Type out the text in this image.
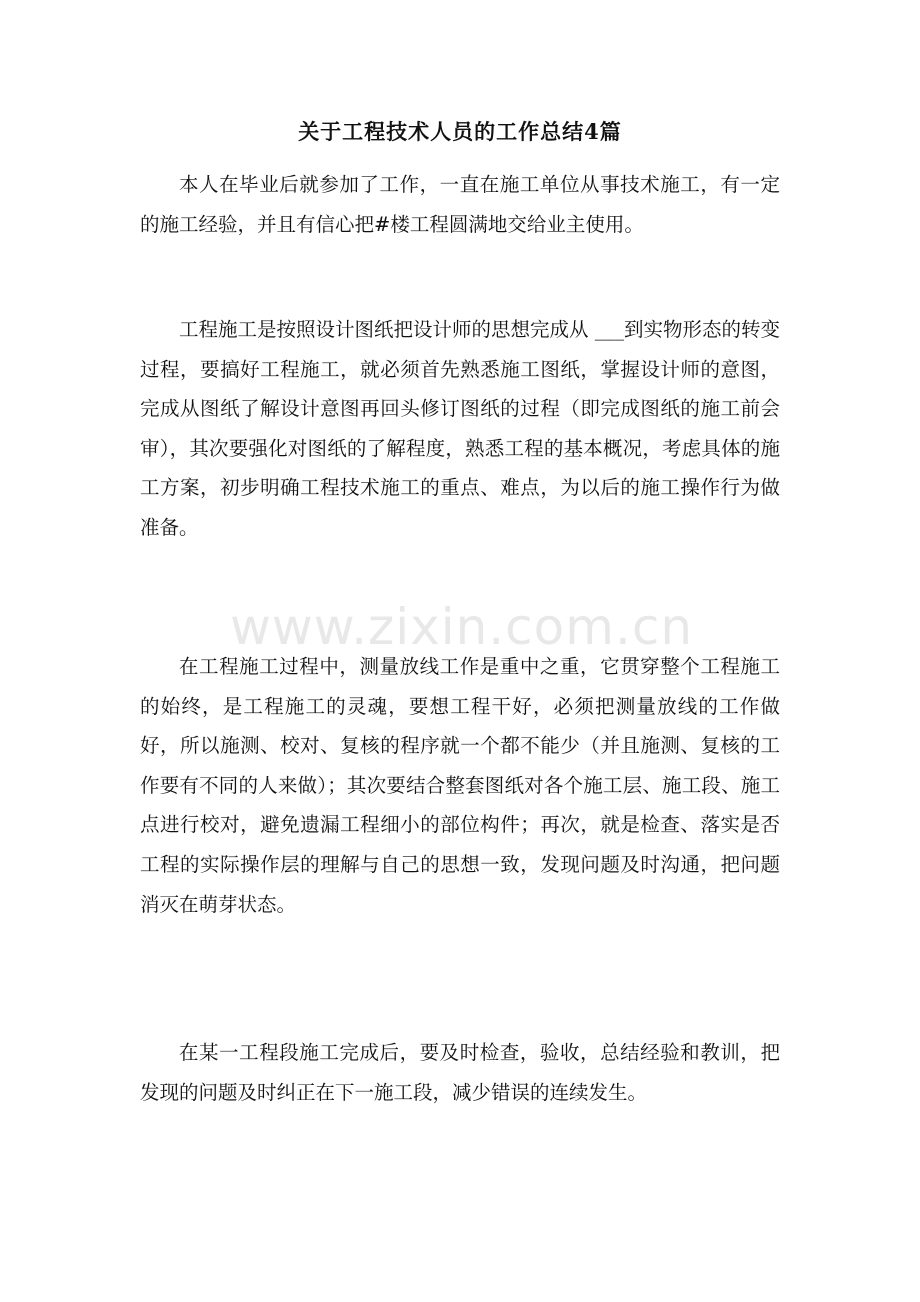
关于工程技术人员的工作总结4篇

本人在毕业后就参加了工作，一直在施工单位从事技术施工，有一定的施工经验，并且有信心把#楼工程圆满地交给业主使用。

工程施工是按照设计图纸把设计师的思想完成从 ___到实物形态的转变过程，要搞好工程施工，就必须首先熟悉施工图纸，掌握设计师的意图，完成从图纸了解设计意图再回头修订图纸的过程（即完成图纸的施工前会审），其次要强化对图纸的了解程度，熟悉工程的基本概况，考虑具体的施工方案，初步明确工程技术施工的重点、难点，为以后的施工操作行为做准备。

在工程施工过程中，测量放线工作是重中之重，它贯穿整个工程施工的始终，是工程施工的灵魂，要想工程干好，必须把测量放线的工作做好，所以施测、校对、复核的程序就一个都不能少（并且施测、复核的工作要有不同的人来做）；其次要结合整套图纸对各个施工层、施工段、施工点进行校对，避免遗漏工程细小的部位构件；再次，就是检查、落实是否工程的实际操作层的理解与自己的思想一致，发现问题及时沟通，把问题消灭在萌芽状态。

在某一工程段施工完成后，要及时检查，验收，总结经验和教训，把发现的问题及时纠正在下一施工段，减少错误的连续发生。

www.zixin.com.cn
